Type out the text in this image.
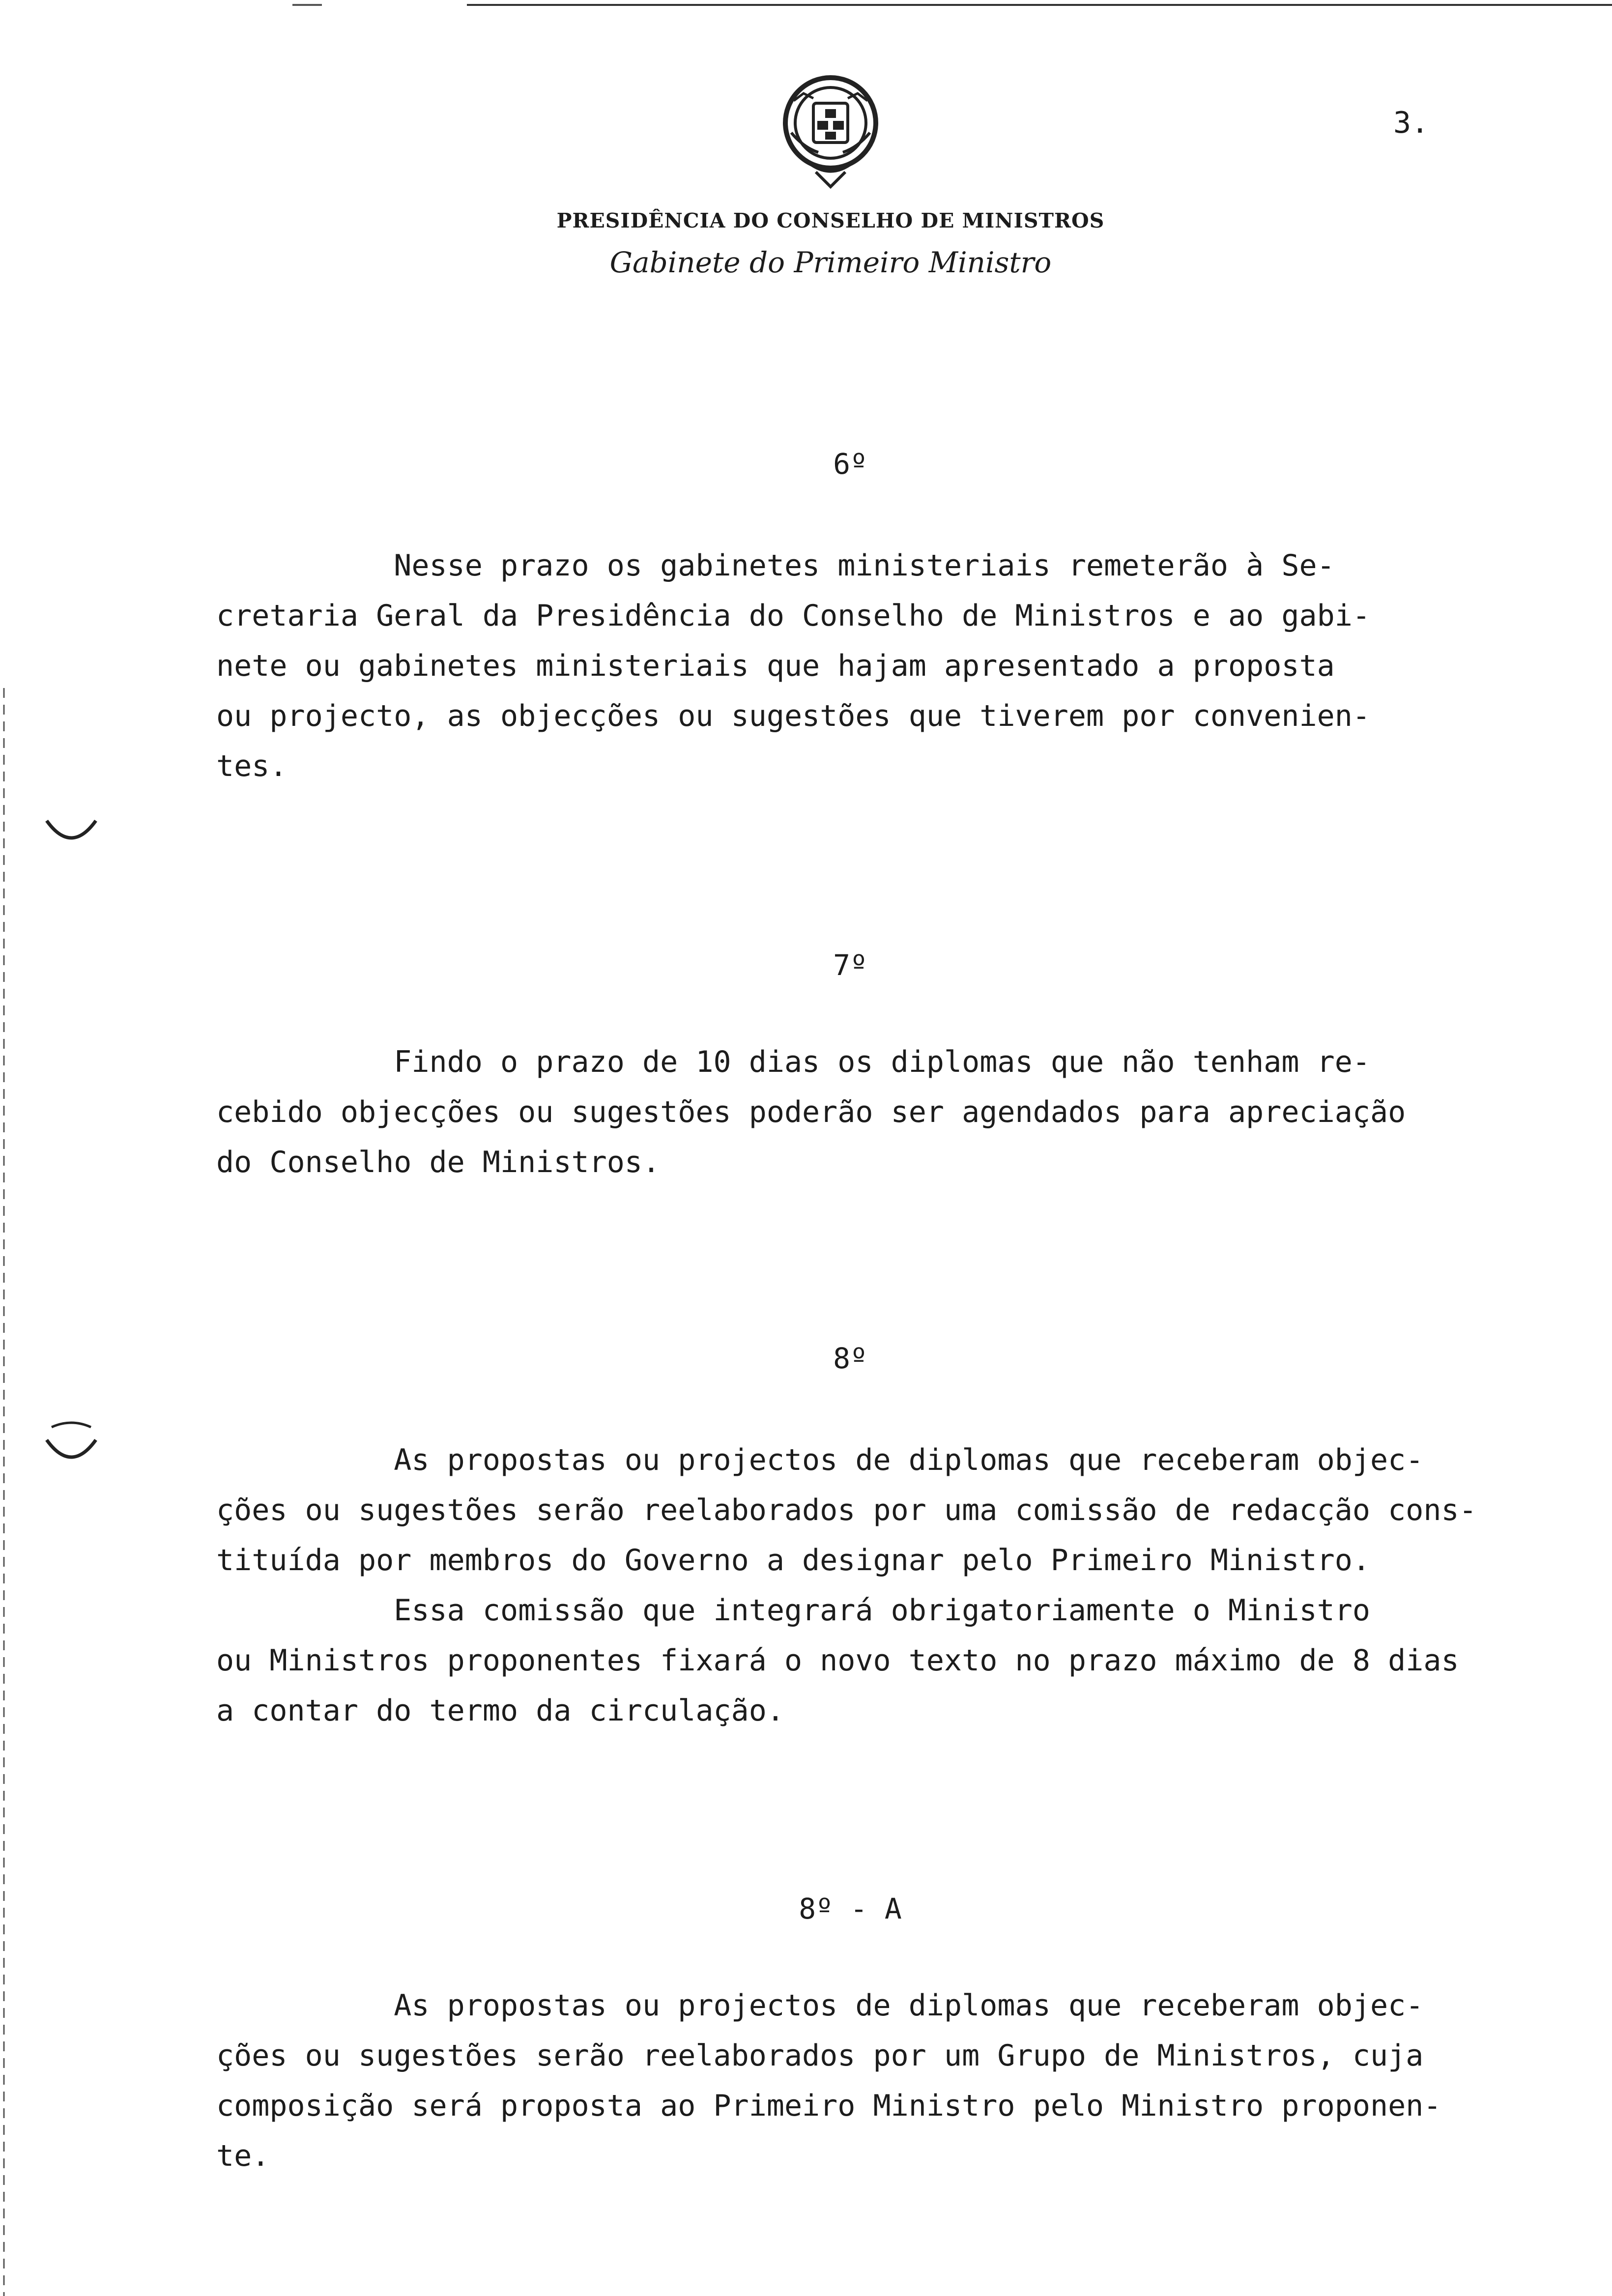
3.
PRESIDÊNCIA DO CONSELHO DE MINISTROS
Gabinete do Primeiro Ministro
6º
Nesse prazo os gabinetes ministeriais remeterão à Se-
cretaria Geral da Presidência do Conselho de Ministros e ao gabi-
nete ou gabinetes ministeriais que hajam apresentado a proposta
ou projecto, as objecções ou sugestões que tiverem por convenien-
tes.
7º
Findo o prazo de 10 dias os diplomas que não tenham re-
cebido objecções ou sugestões poderão ser agendados para apreciação
do Conselho de Ministros.
8º
As propostas ou projectos de diplomas que receberam objec-
ções ou sugestões serão reelaborados por uma comissão de redacção cons-
tituída por membros do Governo a designar pelo Primeiro Ministro.
Essa comissão que integrará obrigatoriamente o Ministro
ou Ministros proponentes fixará o novo texto no prazo máximo de 8 dias
a contar do termo da circulação.
8º - A
As propostas ou projectos de diplomas que receberam objec-
ções ou sugestões serão reelaborados por um Grupo de Ministros, cuja
composição será proposta ao Primeiro Ministro pelo Ministro proponen-
te.
